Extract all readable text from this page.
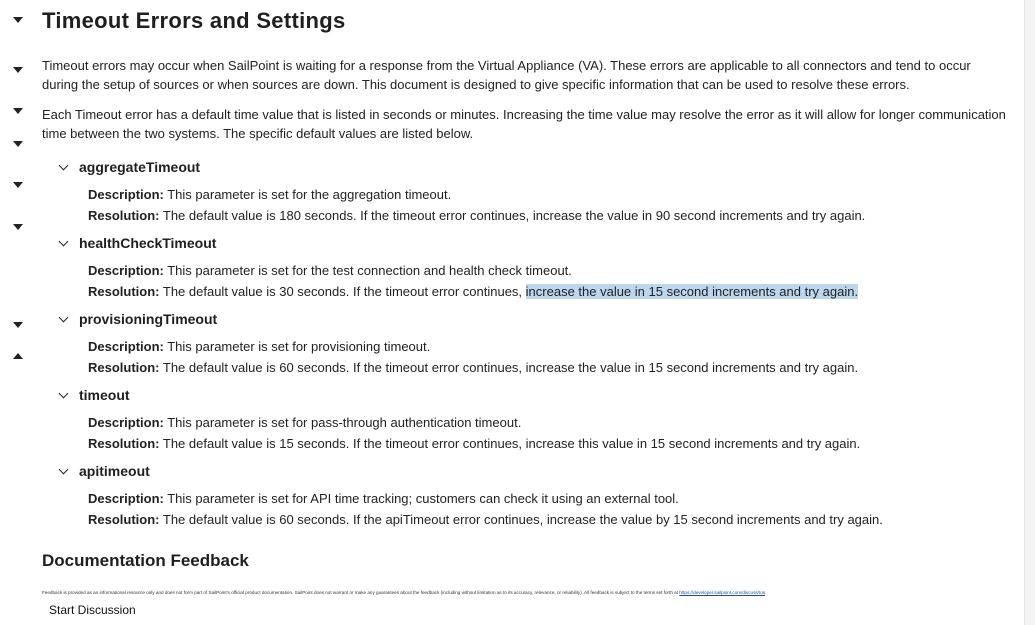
Timeout Errors and Settings

Timeout errors may occur when SailPoint is waiting for a response from the Virtual Appliance (VA). These errors are applicable to all connectors and tend to occur during the setup of sources or when sources are down. This document is designed to give specific information that can be used to resolve these errors.

Each Timeout error has a default time value that is listed in seconds or minutes. Increasing the time value may resolve the error as it will allow for longer communication time between the two systems. The specific default values are listed below.

aggregateTimeout

Description: This parameter is set for the aggregation timeout.

Resolution: The default value is 180 seconds. If the timeout error continues, increase the value in 90 second increments and try again.

healthCheckTimeout

Description: This parameter is set for the test connection and health check timeout.

Resolution: The default value is 30 seconds. If the timeout error continues, increase the value in 15 second increments and try again.

provisioningTimeout

Description: This parameter is set for provisioning timeout.

Resolution: The default value is 60 seconds. If the timeout error continues, increase the value in 15 second increments and try again.

timeout

Description: This parameter is set for pass-through authentication timeout.

Resolution: The default value is 15 seconds. If the timeout error continues, increase this value in 15 second increments and try again.

apitimeout

Description: This parameter is set for API time tracking; customers can check it using an external tool.

Resolution: The default value is 60 seconds. If the apiTimeout error continues, increase the value by 15 second increments and try again.

Documentation Feedback
Feedback is provided as an informational resource only and does not form part of SailPoint's official product documentation. SailPoint does not warrant or make any guarantees about the feedback (including without limitation as to its accuracy, relevance, or reliability). All feedback is subject to the terms set forth at https://developer.sailpoint.com/discuss/tos.
Start Discussion
